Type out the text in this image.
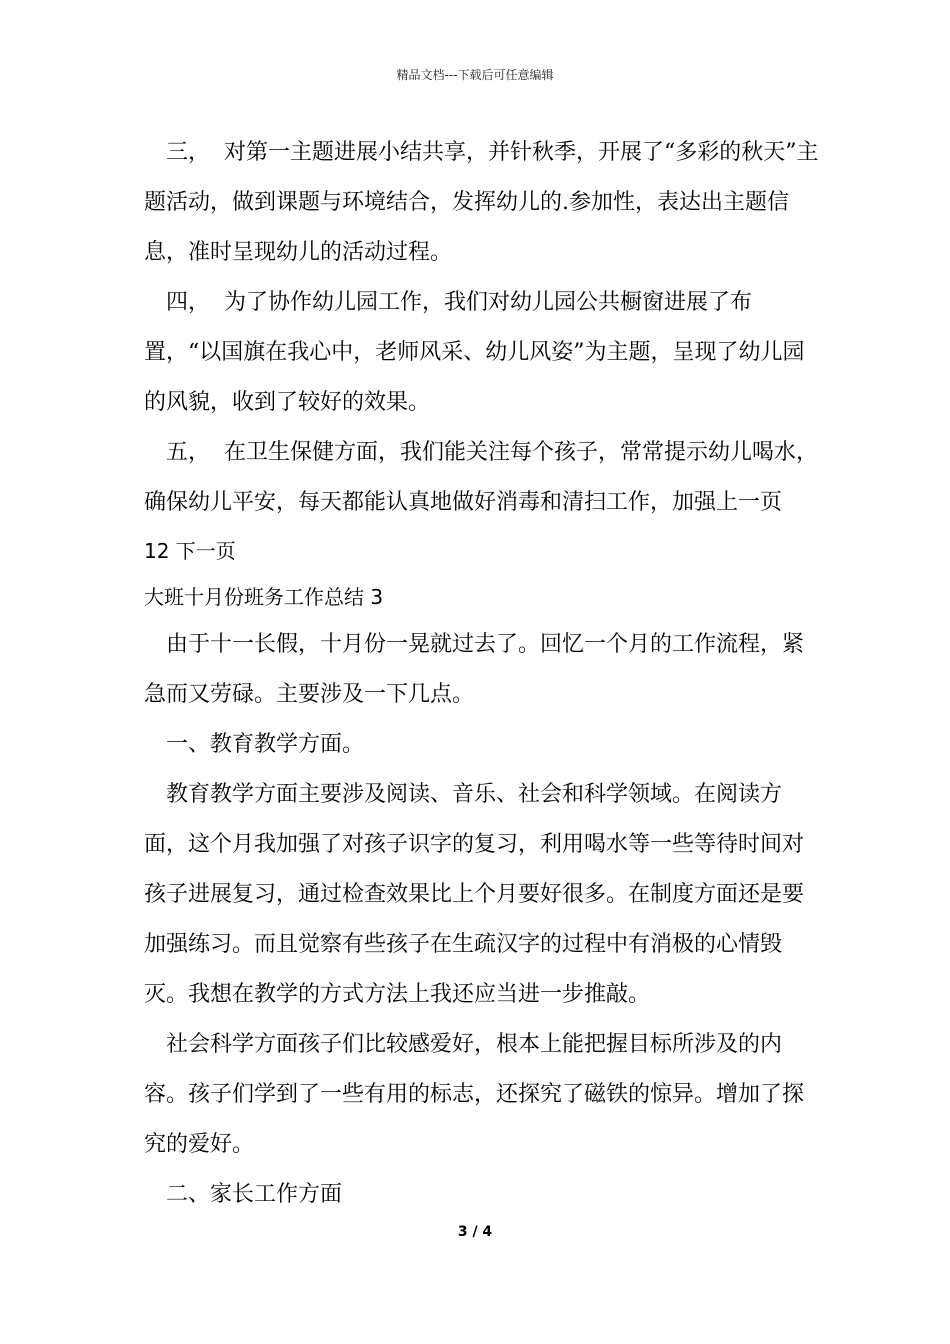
精品文档---下载后可任意编辑

三，  对第一主题进展小结共享，并针秋季，开展了“多彩的秋天”主题活动，做到课题与环境结合，发挥幼儿的.参加性，表达出主题信息，准时呈现幼儿的活动过程。

四，  为了协作幼儿园工作，我们对幼儿园公共橱窗进展了布置，“以国旗在我心中，老师风采、幼儿风姿”为主题，呈现了幼儿园的风貌，收到了较好的效果。

五，  在卫生保健方面，我们能关注每个孩子，常常提示幼儿喝水，确保幼儿平安，每天都能认真地做好消毒和清扫工作，加强上一页

12 下一页

大班十月份班务工作总结 3

由于十一长假，十月份一晃就过去了。回忆一个月的工作流程，紧急而又劳碌。主要涉及一下几点。

一、教育教学方面。

教育教学方面主要涉及阅读、音乐、社会和科学领域。在阅读方面，这个月我加强了对孩子识字的复习，利用喝水等一些等待时间对孩子进展复习，通过检查效果比上个月要好很多。在制度方面还是要加强练习。而且觉察有些孩子在生疏汉字的过程中有消极的心情毁灭。我想在教学的方式方法上我还应当进一步推敲。

社会科学方面孩子们比较感爱好，根本上能把握目标所涉及的内容。孩子们学到了一些有用的标志，还探究了磁铁的惊异。增加了探究的爱好。

二、家长工作方面

3 / 4
